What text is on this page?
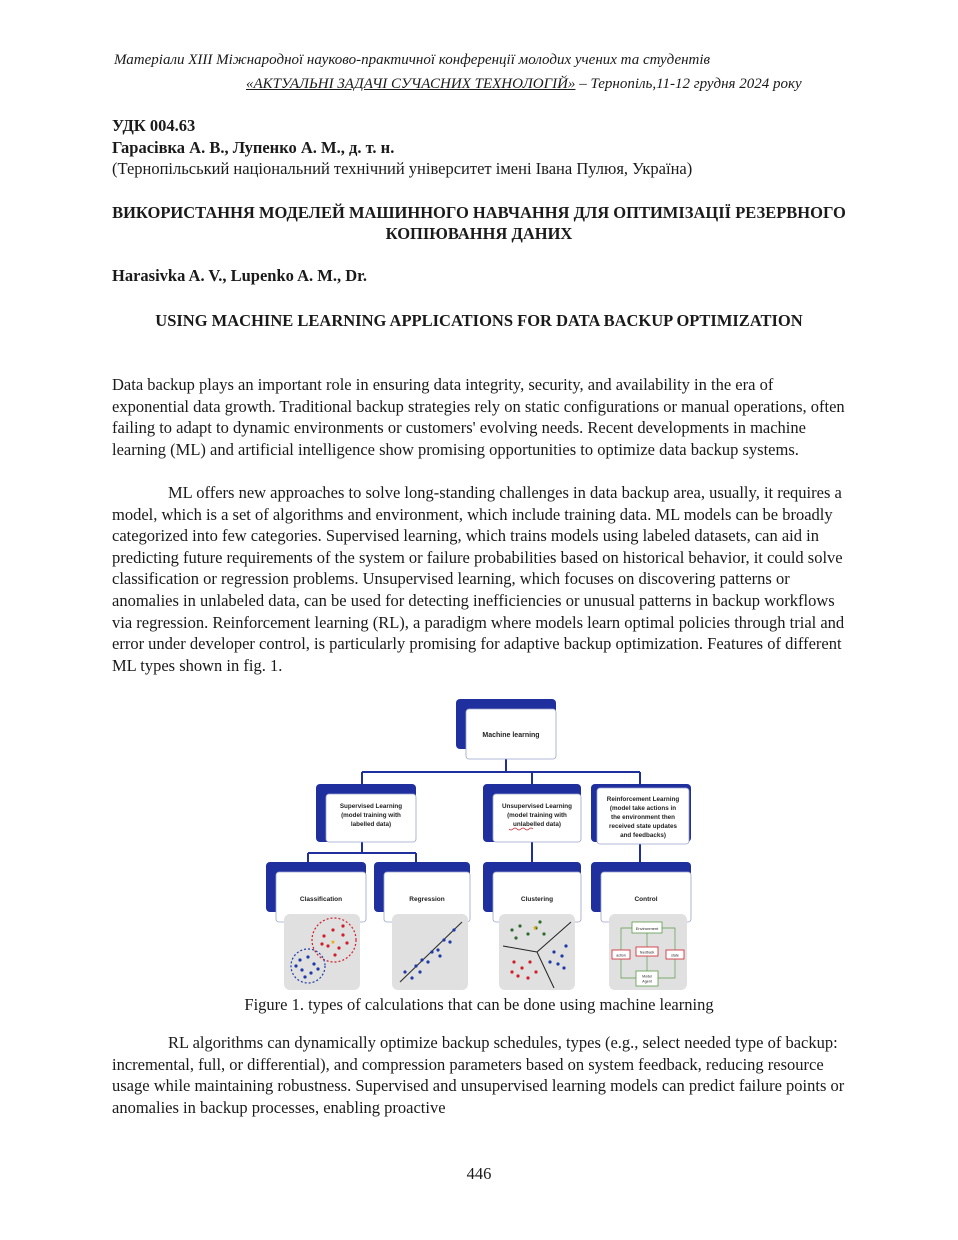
Матеріали XIII Міжнародної науково-практичної конференції молодих учених та студентів
«АКТУАЛЬНІ ЗАДАЧІ СУЧАСНИХ ТЕХНОЛОГІЙ» – Тернопіль,11-12 грудня 2024 року
УДК 004.63
Гарасівка А. В., Лупенко А. М., д. т. н.
(Тернопільський національний технічний університет імені Івана Пулюя, Україна)
ВИКОРИСТАННЯ МОДЕЛЕЙ МАШИННОГО НАВЧАННЯ ДЛЯ ОПТИМІЗАЦІЇ РЕЗЕРВНОГО КОПІЮВАННЯ ДАНИХ
Harasivka A. V., Lupenko A. M., Dr.
USING MACHINE LEARNING APPLICATIONS FOR DATA BACKUP OPTIMIZATION
Data backup plays an important role in ensuring data integrity, security, and availability in the era of exponential data growth. Traditional backup strategies rely on static configurations or manual operations, often failing to adapt to dynamic environments or customers' evolving needs. Recent developments in machine learning (ML) and artificial intelligence show promising opportunities to optimize data backup systems.
ML offers new approaches to solve long-standing challenges in data backup area, usually, it requires a model, which is a set of algorithms and environment, which include training data. ML models can be broadly categorized into few categories. Supervised learning, which trains models using labeled datasets, can aid in predicting future requirements of the system or failure probabilities based on historical behavior, it could solve classification or regression problems. Unsupervised learning, which focuses on discovering patterns or anomalies in unlabeled data, can be used for detecting inefficiencies or unusual patterns in backup workflows via regression. Reinforcement learning (RL), a paradigm where models learn optimal policies through trial and error under developer control, is particularly promising for adaptive backup optimization. Features of different ML types shown in fig. 1.
Machine learning
Supervised Learning
(model training with
labelled data)
Unsupervised Learning
(model training with
unlabelled data)
Reinforcement Learning
(model take actions in
the environment then
received state updates
and feedbacks)
Classification	Regression	Clustering	Control
★
★	Environment
action
feedback
state
Model
Agent
Figure 1. types of calculations that can be done using machine learning
RL algorithms can dynamically optimize backup schedules, types (e.g., select needed type of backup: incremental, full, or differential), and compression parameters based on system feedback, reducing resource usage while maintaining robustness. Supervised and unsupervised learning models can predict failure points or anomalies in backup processes, enabling proactive
446
